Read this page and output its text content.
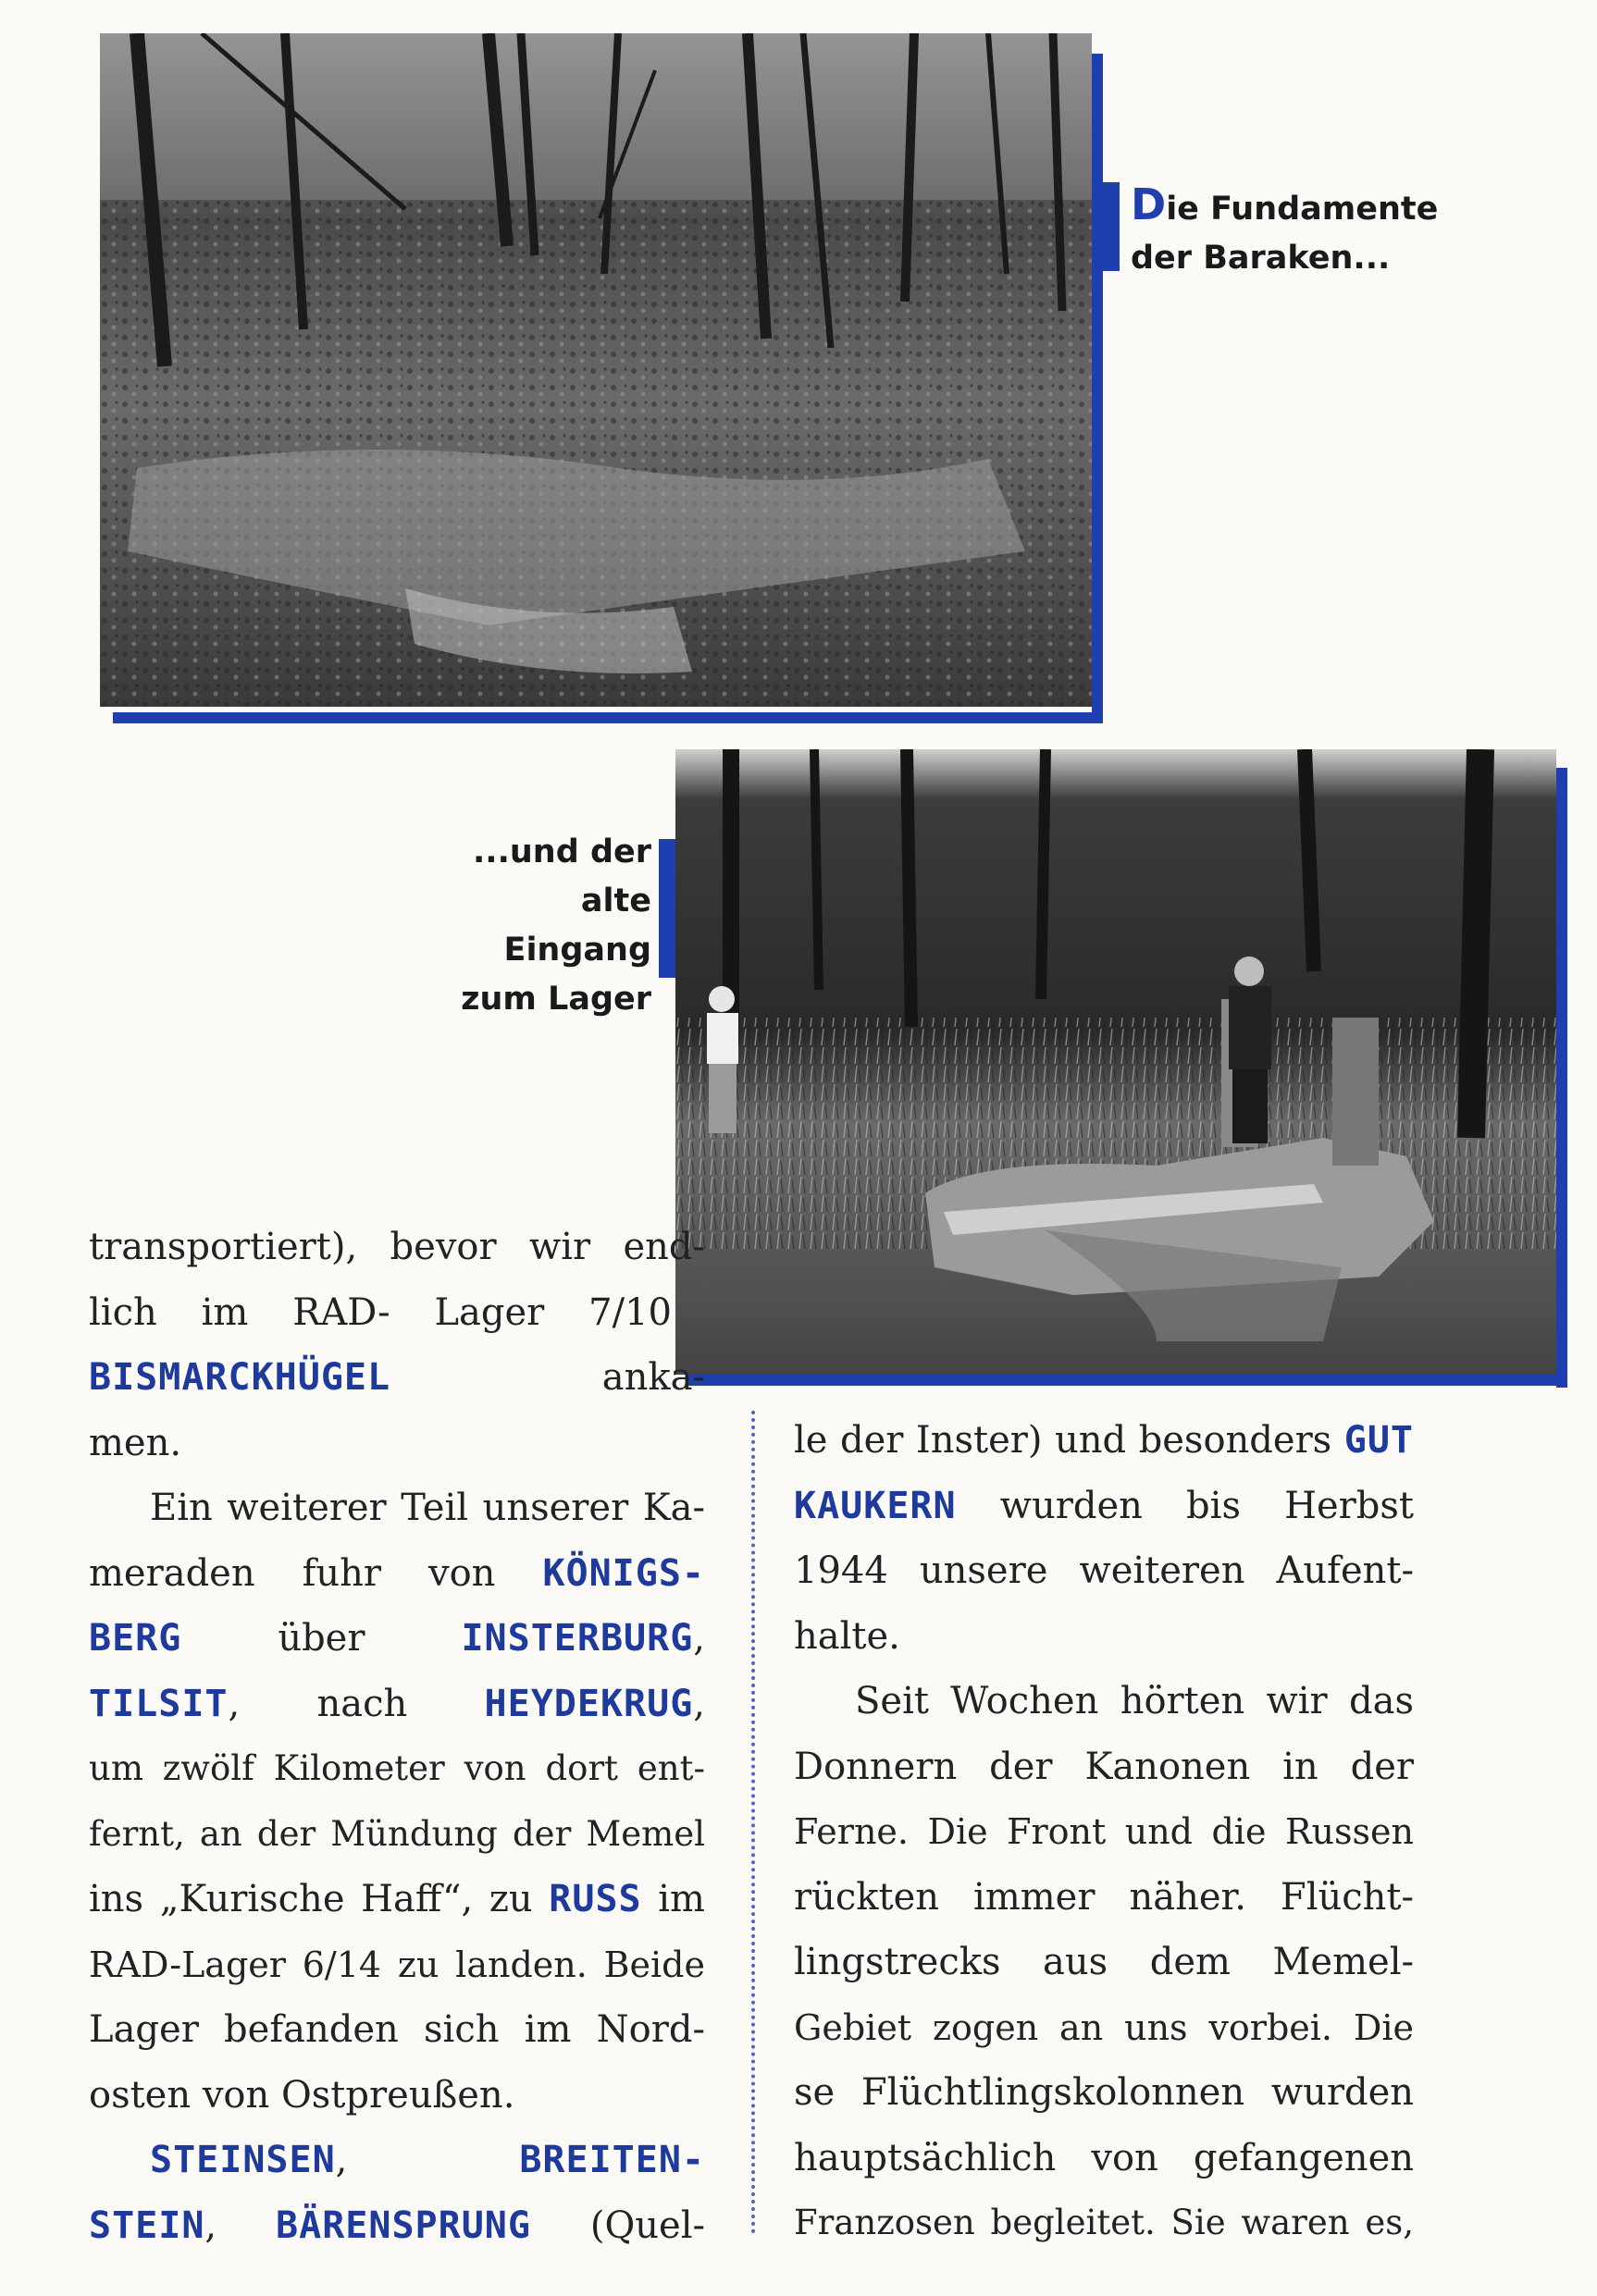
Die Fundamente
der Baraken...
...und der alte
Eingang
zum Lager
transportiert), bevor wir end-
lich im RAD- Lager 7/10
BISMARCKHÜGEL	anka-
men.
Ein weiterer Teil unserer Ka-
meraden fuhr von KÖNIGS-
BERG	über	INSTERBURG,
TILSIT, nach HEYDEKRUG,
um zwölf Kilometer von dort ent-
fernt, an der Mündung der Memel
ins „Kurische Haff“, zu RUSS im
RAD-Lager 6/14 zu landen. Beide
Lager befanden sich im Nord-
osten von Ostpreußen.
STEINSEN,	BREITEN-
STEIN, BÄRENSPRUNG (Quel-
le der Inster) und besonders GUT
KAUKERN wurden bis Herbst
1944 unsere weiteren Aufent-
halte.
Seit Wochen hörten wir das
Donnern der Kanonen in der
Ferne. Die Front und die Russen
rückten immer näher. Flücht-
lingstrecks aus dem Memel-
Gebiet zogen an uns vorbei. Die
se Flüchtlingskolonnen wurden
hauptsächlich von gefangenen
Franzosen begleitet. Sie waren es,
